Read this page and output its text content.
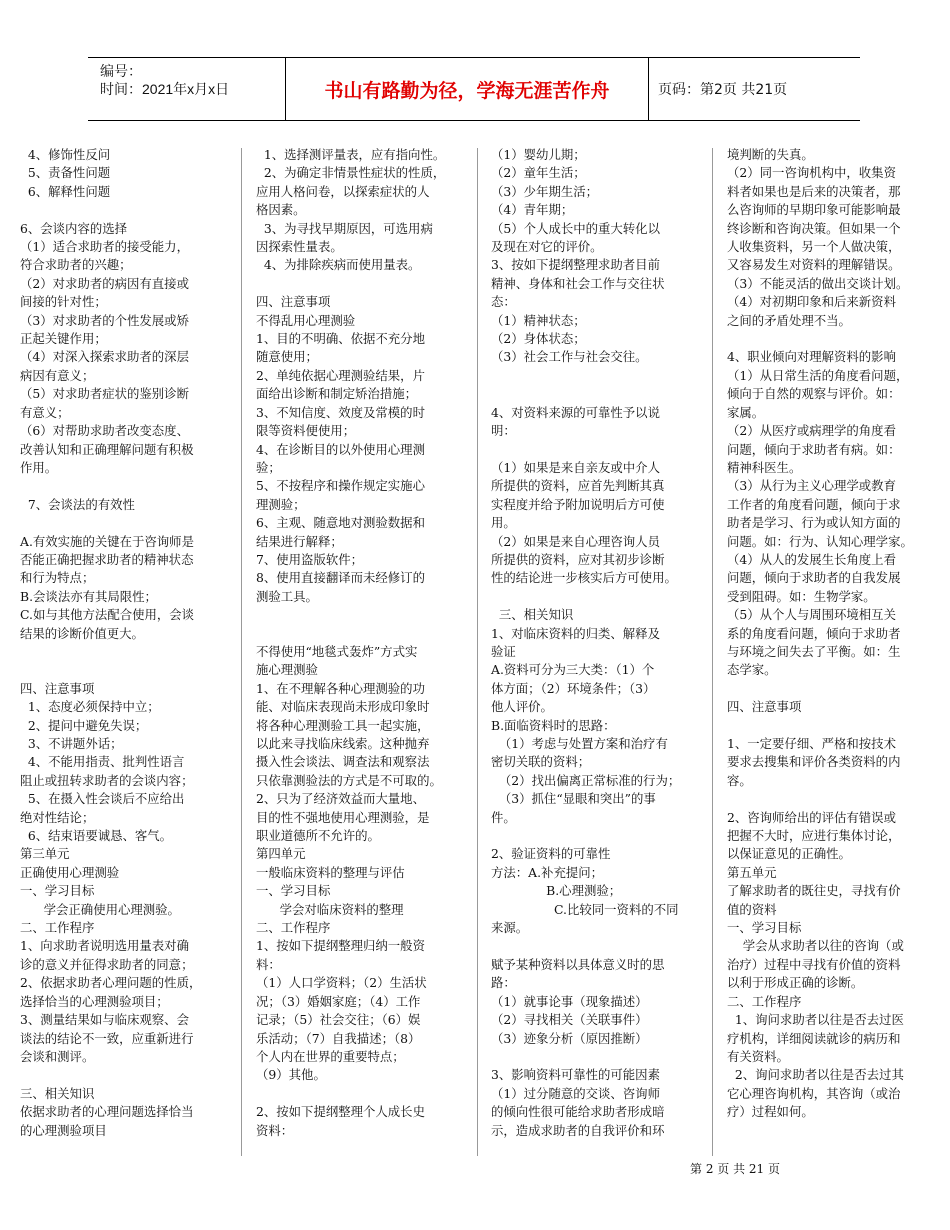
编号：
时间：2021年x月x日	书山有路勤为径，学海无涯苦作舟	页码：第2页 共21页
4、修饰性反问
5、责备性问题
6、解释性问题

6、会谈内容的选择
（1）适合求助者的接受能力，
符合求助者的兴趣；
（2）对求助者的病因有直接或
间接的针对性；
（3）对求助者的个性发展或矫
正起关键作用；
（4）对深入探索求助者的深层
病因有意义；
（5）对求助者症状的鉴别诊断
有意义；
（6）对帮助求助者改变态度、
改善认知和正确理解问题有积极
作用。

7、会谈法的有效性

A.有效实施的关键在于咨询师是
否能正确把握求助者的精神状态
和行为特点；
B.会谈法亦有其局限性；
C.如与其他方法配合使用，会谈
结果的诊断价值更大。

四、注意事项
1、态度必须保持中立；
2、提问中避免失误；
3、不讲题外话；
4、不能用指责、批判性语言
阻止或扭转求助者的会谈内容；
5、在摄入性会谈后不应给出
绝对性结论；
6、结束语要诚恳、客气。
第三单元
正确使用心理测验
一、学习目标
学会正确使用心理测验。
二、工作程序
1、向求助者说明选用量表对确
诊的意义并征得求助者的同意；
2、依据求助者心理问题的性质，
选择恰当的心理测验项目；
3、测量结果如与临床观察、会
谈法的结论不一致，应重新进行
会谈和测评。

三、相关知识
依据求助者的心理问题选择恰当
的心理测验项目
1、选择测评量表，应有指向性。
2、为确定非情景性症状的性质，
应用人格问卷，以探索症状的人
格因素。
3、为寻找早期原因，可选用病
因探索性量表。
4、为排除疾病而使用量表。

四、注意事项
不得乱用心理测验
1、目的不明确、依据不充分地
随意使用；
2、单纯依据心理测验结果，片
面给出诊断和制定矫治措施；
3、不知信度、效度及常模的时
限等资料便使用；
4、在诊断目的以外使用心理测
验；
5、不按程序和操作规定实施心
理测验；
6、主观、随意地对测验数据和
结果进行解释；
7、使用盗版软件；
8、使用直接翻译而未经修订的
测验工具。

不得使用“地毯式轰炸”方式实
施心理测验
1、在不理解各种心理测验的功
能、对临床表现尚未形成印象时
将各种心理测验工具一起实施，
以此来寻找临床线索。这种抛弃
摄入性会谈法、调查法和观察法
只依靠测验法的方式是不可取的。
2、只为了经济效益而大量地、
目的性不强地使用心理测验，是
职业道德所不允许的。
第四单元
一般临床资料的整理与评估
一、学习目标
学会对临床资料的整理
二、工作程序
1、按如下提纲整理归纳一般资
料：
（1）人口学资料；（2）生活状
况；（3）婚姻家庭；（4）工作
记录；（5）社会交往；（6）娱
乐活动；（7）自我描述；（8）
个人内在世界的重要特点；
（9）其他。

2、按如下提纲整理个人成长史
资料：
（1）婴幼儿期；
（2）童年生活；
（3）少年期生活；
（4）青年期；
（5）个人成长中的重大转化以
及现在对它的评价。
3、按如下提纲整理求助者目前
精神、身体和社会工作与交往状
态：
（1）精神状态；
（2）身体状态；
（3）社会工作与社会交往。

4、对资料来源的可靠性予以说
明：

（1）如果是来自亲友或中介人
所提供的资料，应首先判断其真
实程度并给予附加说明后方可使
用。
（2）如果是来自心理咨询人员
所提供的资料，应对其初步诊断
性的结论进一步核实后方可使用。

三、相关知识
1、对临床资料的归类、解释及
验证
A.资料可分为三大类：（1）个
体方面；（2）环境条件；（3）
他人评价。
B.面临资料时的思路：
（1）考虑与处置方案和治疗有
密切关联的资料；
（2）找出偏离正常标准的行为；
（3）抓住“显眼和突出”的事
件。

2、验证资料的可靠性
方法：A.补充提问；
B.心理测验；
C.比较同一资料的不同
来源。

赋予某种资料以具体意义时的思
路：
（1）就事论事（现象描述）
（2）寻找相关（关联事件）
（3）迹象分析（原因推断）

3、影响资料可靠性的可能因素
（1）过分随意的交谈、咨询师
的倾向性很可能给求助者形成暗
示，造成求助者的自我评价和环
境判断的失真。
（2）同一咨询机构中，收集资
料者如果也是后来的决策者，那
么咨询师的早期印象可能影响最
终诊断和咨询决策。但如果一个
人收集资料，另一个人做决策，
又容易发生对资料的理解错误。
（3）不能灵活的做出交谈计划。
（4）对初期印象和后来新资料
之间的矛盾处理不当。

4、职业倾向对理解资料的影响
（1）从日常生活的角度看问题，
倾向于自然的观察与评价。如：
家属。
（2）从医疗或病理学的角度看
问题，倾向于求助者有病。如：
精神科医生。
（3）从行为主义心理学或教育
工作者的角度看问题，倾向于求
助者是学习、行为或认知方面的
问题。如：行为、认知心理学家。
（4）从人的发展生长角度上看
问题，倾向于求助者的自我发展
受到阻碍。如：生物学家。
（5）从个人与周围环境相互关
系的角度看问题，倾向于求助者
与环境之间失去了平衡。如：生
态学家。

四、注意事项

1、一定要仔细、严格和按技术
要求去搜集和评价各类资料的内
容。

2、咨询师给出的评估有错误或
把握不大时，应进行集体讨论，
以保证意见的正确性。
第五单元
了解求助者的既往史，寻找有价
值的资料
一、学习目标
学会从求助者以往的咨询（或
治疗）过程中寻找有价值的资料
以利于形成正确的诊断。
二、工作程序
1、询问求助者以往是否去过医
疗机构，详细阅读就诊的病历和
有关资料。
2、询问求助者以往是否去过其
它心理咨询机构，其咨询（或治
疗）过程如何。
第 2 页 共 21 页
